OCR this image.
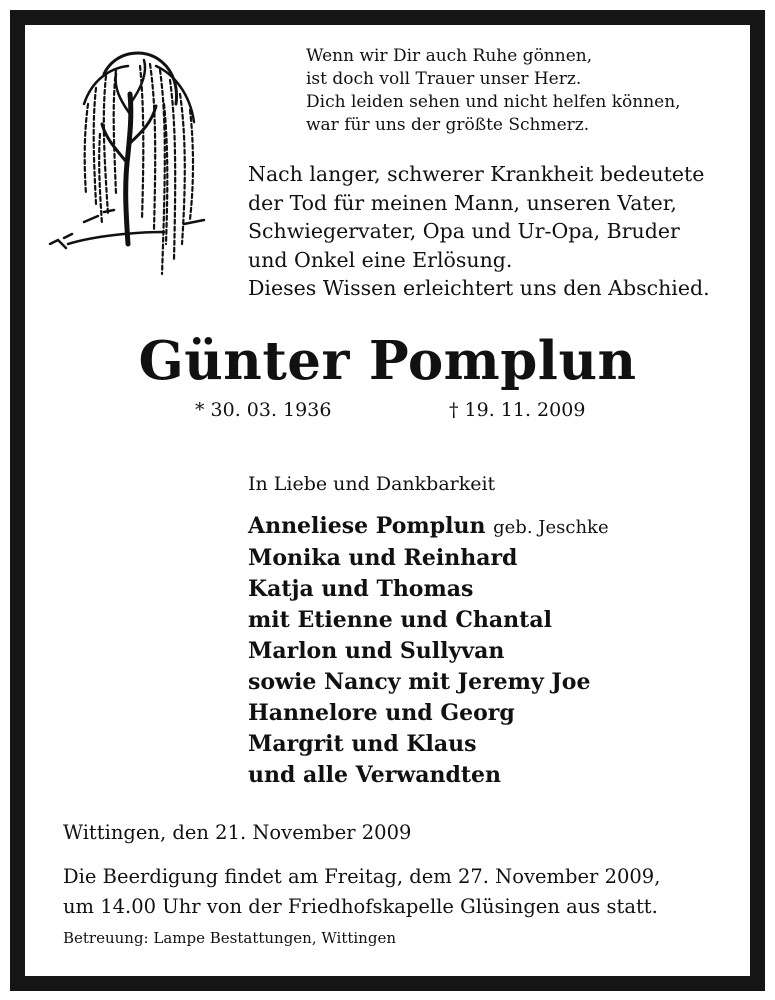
Wenn wir Dir auch Ruhe gönnen,
ist doch voll Trauer unser Herz.
Dich leiden sehen und nicht helfen können,
war für uns der größte Schmerz.
Nach langer, schwerer Krankheit bedeutete
der Tod für meinen Mann, unseren Vater,
Schwiegervater, Opa und Ur-Opa, Bruder
und Onkel eine Erlösung.
Dieses Wissen erleichtert uns den Abschied.
Günter Pomplun
* 30. 03. 1936	† 19. 11. 2009
In Liebe und Dankbarkeit
Anneliese Pomplun geb. Jeschke
Monika und Reinhard
Katja und Thomas
mit Etienne und Chantal
Marlon und Sullyvan
sowie Nancy mit Jeremy Joe
Hannelore und Georg
Margrit und Klaus
und alle Verwandten
Wittingen, den 21. November 2009
Die Beerdigung findet am Freitag, dem 27. November 2009,
um 14.00 Uhr von der Friedhofskapelle Glüsingen aus statt.
Betreuung: Lampe Bestattungen, Wittingen
